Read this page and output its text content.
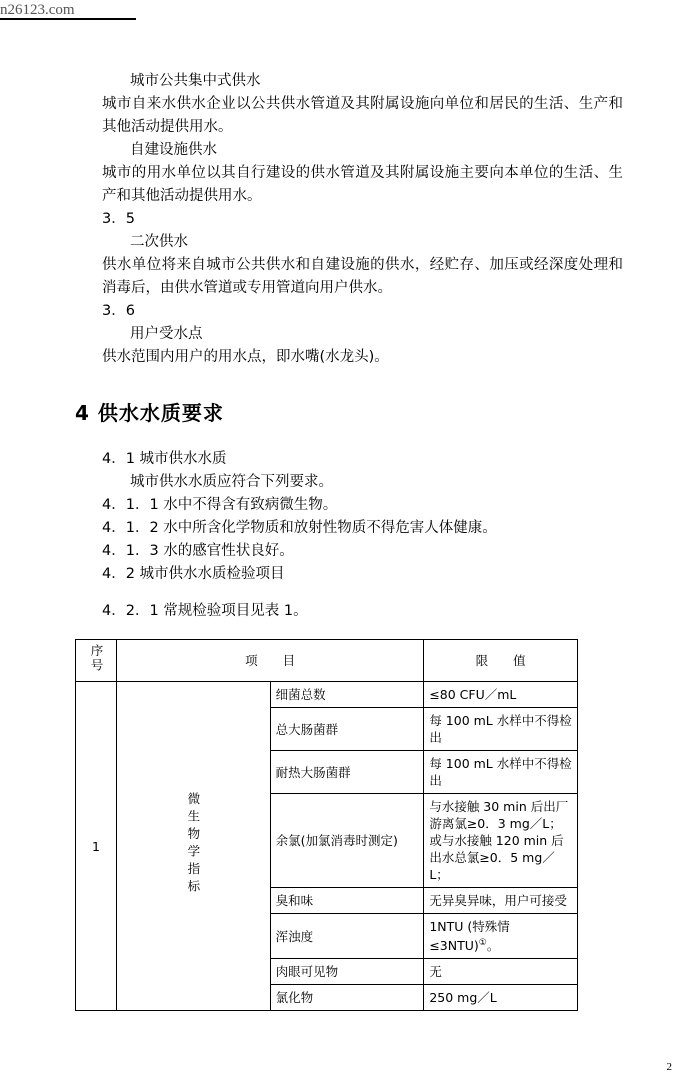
n26123.com

城市公共集中式供水

城市自来水供水企业以公共供水管道及其附属设施向单位和居民的生活、生产和其他活动提供用水。

自建设施供水

城市的用水单位以其自行建设的供水管道及其附属设施主要向本单位的生活、生产和其他活动提供用水。

3．5

二次供水

供水单位将来自城市公共供水和自建设施的供水，经贮存、加压或经深度处理和消毒后，由供水管道或专用管道向用户供水。

3．6

用户受水点

供水范围内用户的用水点，即水嘴(水龙头)。

4 供水水质要求

4．1 城市供水水质

城市供水水质应符合下列要求。

4．1．1 水中不得含有致病微生物。

4．1．2 水中所含化学物质和放射性物质不得危害人体健康。

4．1．3 水的感官性状良好。

4．2 城市供水水质检验项目

4．2．1 常规检验项目见表 1。

序号	项　　目		限　　值
1	微生物学指标	细菌总数	≤80 CFU／mL
		总大肠菌群	每 100 mL 水样中不得检出
		耐热大肠菌群	每 100 mL 水样中不得检出
		余氯(加氯消毒时测定)	与水接触 30 min 后出厂游离氯≥0．3 mg／L；
或与水接触 120 min 后出水总氯≥0．5 mg／L；
		臭和味	无异臭异味，用户可接受
		浑浊度	1NTU (特殊情≤3NTU)①。
		肉眼可见物	无
		氯化物	250 mg／L
2
